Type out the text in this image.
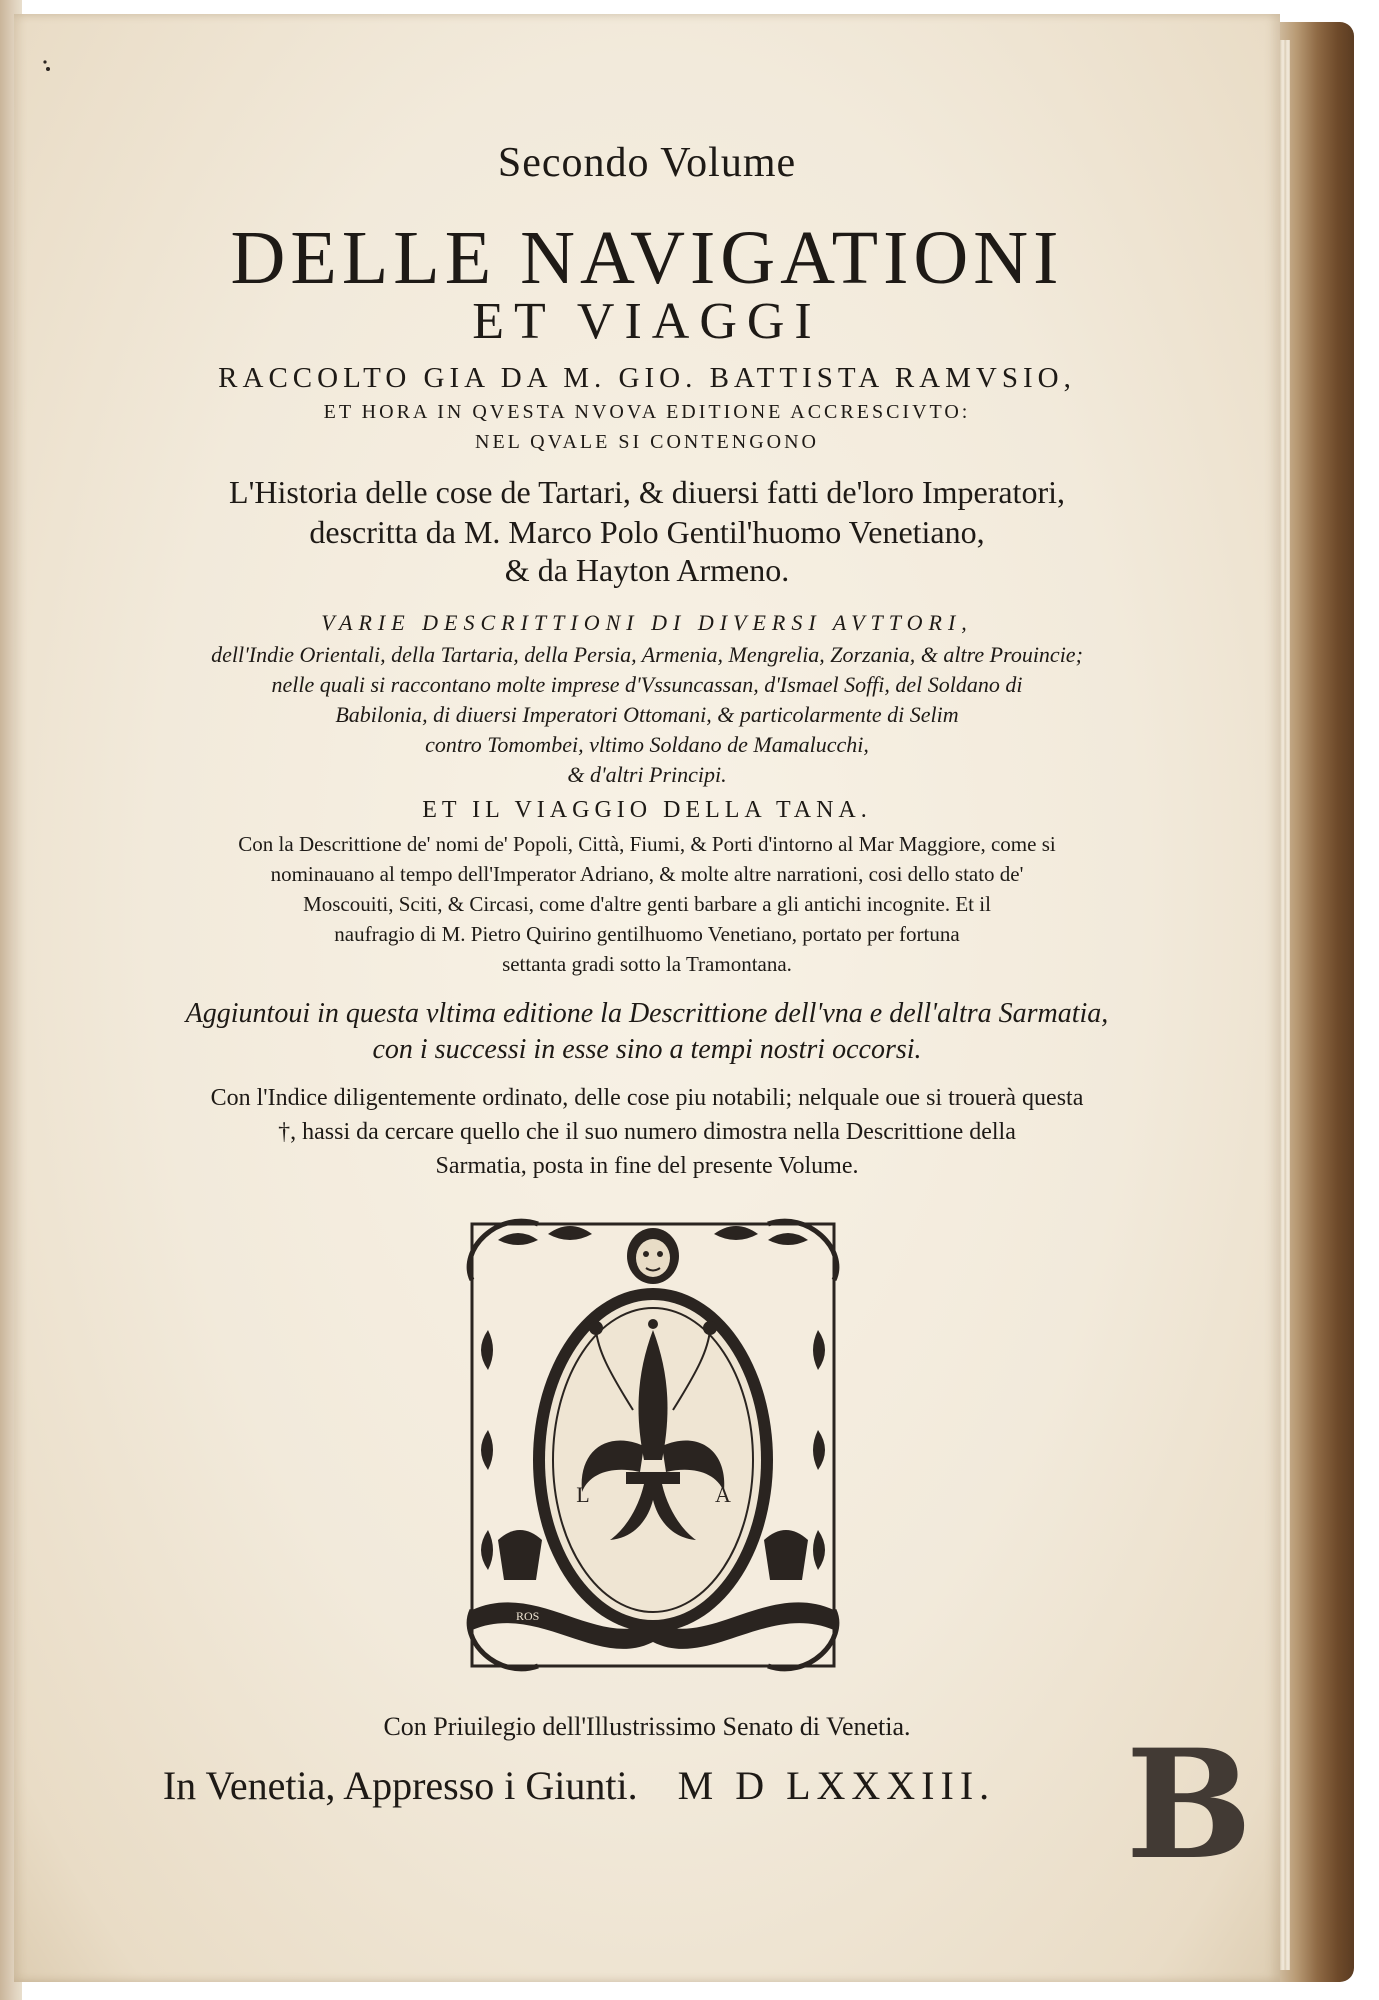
Secondo Volume
DELLE NAVIGATIONI
ET VIAGGI
RACCOLTO GIA DA M. GIO. BATTISTA RAMVSIO,
ET HORA IN QVESTA NVOVA EDITIONE ACCRESCIVTO:
NEL QVALE SI CONTENGONO
L'Historia delle cose de Tartari, & diuersi fatti de'loro Imperatori,
descritta da M. Marco Polo Gentil'huomo Venetiano,
& da Hayton Armeno.
VARIE DESCRITTIONI DI DIVERSI AVTTORI,
dell'Indie Orientali, della Tartaria, della Persia, Armenia, Mengrelia, Zorzania, & altre Prouincie;
nelle quali si raccontano molte imprese d'Vssuncassan, d'Ismael Soffi, del Soldano di
Babilonia, di diuersi Imperatori Ottomani, & particolarmente di Selim
contro Tomombei, vltimo Soldano de Mamalucchi,
& d'altri Principi.
ET IL VIAGGIO DELLA TANA.
Con la Descrittione de' nomi de' Popoli, Città, Fiumi, & Porti d'intorno al Mar Maggiore, come si
nominauano al tempo dell'Imperator Adriano, & molte altre narrationi, cosi dello stato de'
Moscouiti, Sciti, & Circasi, come d'altre genti barbare a gli antichi incognite. Et il
naufragio di M. Pietro Quirino gentilhuomo Venetiano, portato per fortuna
settanta gradi sotto la Tramontana.
Aggiuntoui in questa vltima editione la Descrittione dell'vna e dell'altra Sarmatia,
con i successi in esse sino a tempi nostri occorsi.
Con l'Indice diligentemente ordinato, delle cose piu notabili; nelquale oue si trouerà questa
†, hassi da cercare quello che il suo numero dimostra nella Descrittione della
Sarmatia, posta in fine del presente Volume.
L	A
ROS
Con Priuilegio dell'Illustrissimo Senato di Venetia.
In Venetia, Appresso i Giunti. M D LXXXIII. B
